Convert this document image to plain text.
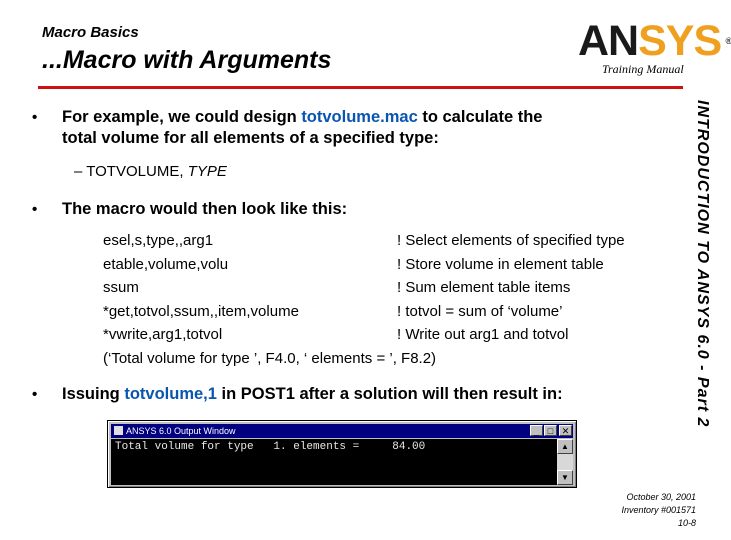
Macro Basics
...Macro with Arguments	ANSYS ®
Training Manual
INTRODUCTION TO ANSYS 6.0 - Part 2
• For example, we could design totvolume.mac to calculate the
total volume for all elements of a specified type:
– TOTVOLUME, TYPE
• The macro would then look like this:
esel,s,type,,arg1	! Select elements of specified type
etable,volume,volu	! Store volume in element table
ssum	! Sum element table items
*get,totvol,ssum,,item,volume	! totvol = sum of ‘volume’
*vwrite,arg1,totvol	! Write out arg1 and totvol
(‘Total volume for type ’, F4.0, ‘ elements = ’, F8.2)
• Issuing totvolume,1 in POST1 after a solution will then result in:
ANSYS 6.0 Output Window	_ □ ✕
Total volume for type   1. elements =     84.00	▲
▼
October 30, 2001
Inventory #001571
10-8
